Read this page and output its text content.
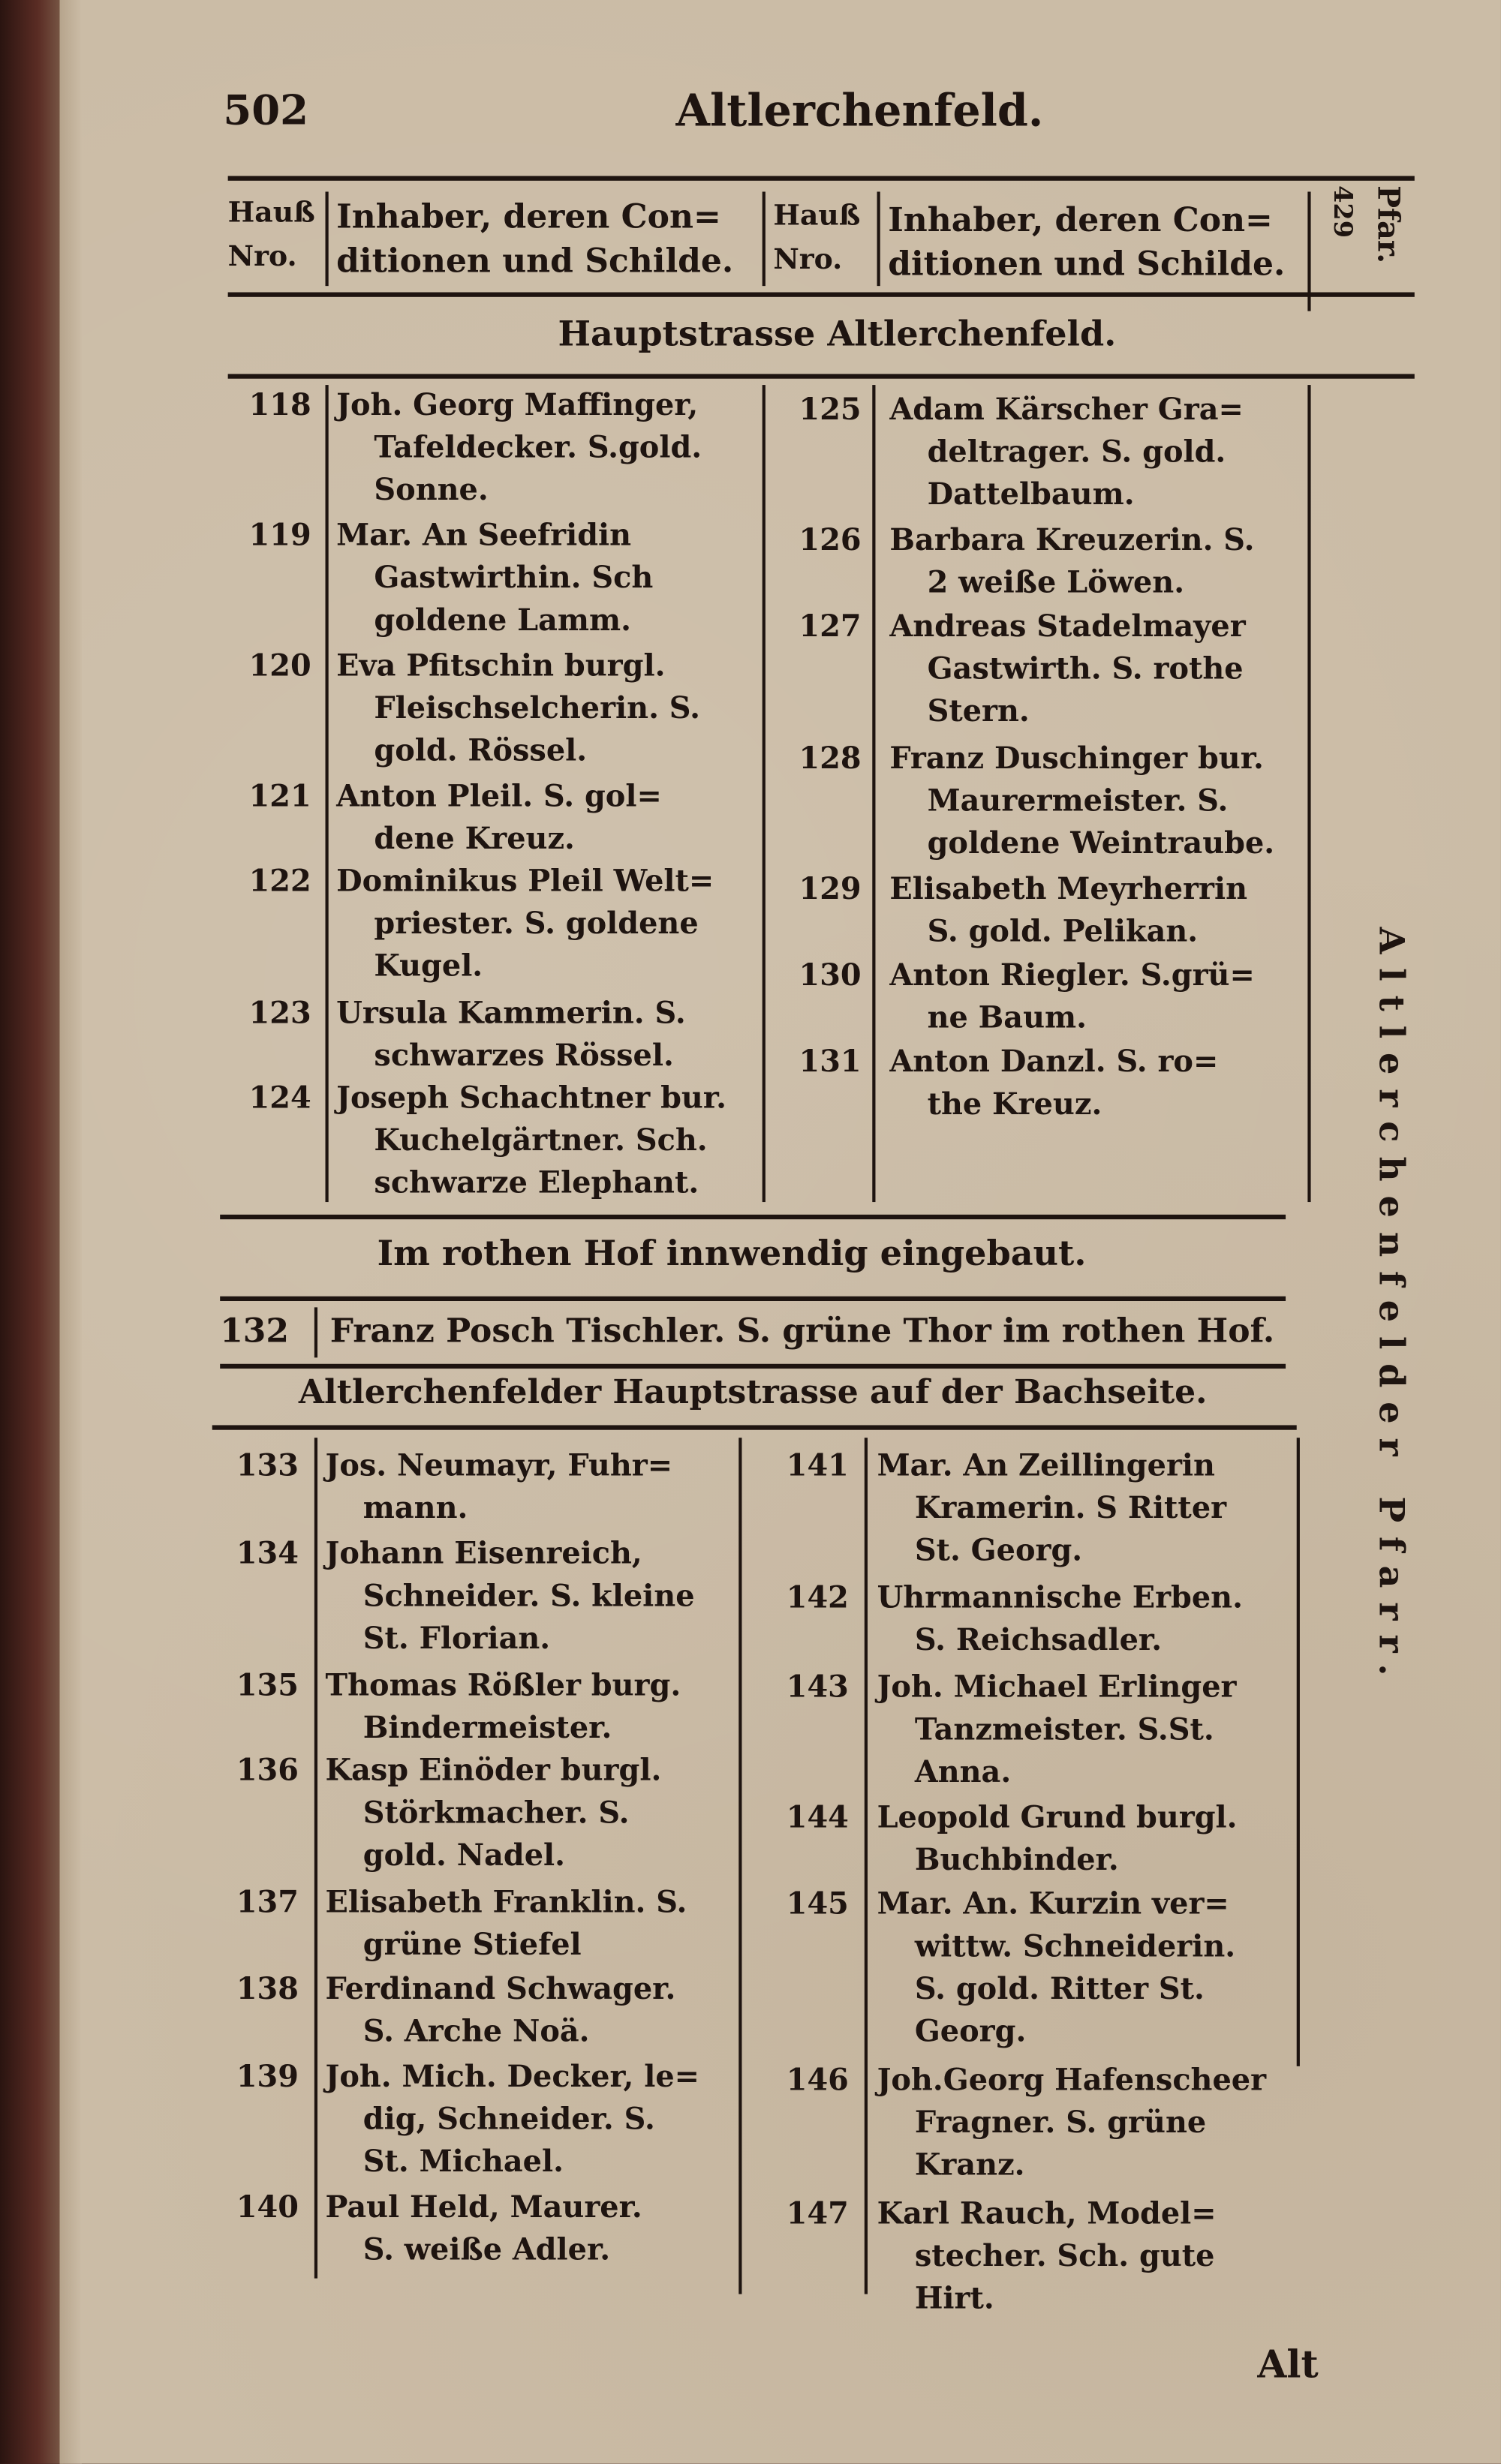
502	Altlerchenfeld.
Hauß
Nro.
Inhaber, deren Con=
ditionen und Schilde.
Hauß
Nro.
Inhaber, deren Con=
ditionen und Schilde.
429 Pfar.
Hauptstrasse Altlerchenfeld.
118 Joh. Georg Maffinger,
Tafeldecker. S.gold.
Sonne.
119 Mar. An Seefridin
Gastwirthin. Sch
goldene Lamm.
120 Eva Pfitschin burgl.
Fleischselcherin. S.
gold. Rössel.
121 Anton Pleil. S. gol=
dene Kreuz.
122 Dominikus Pleil Welt=
priester. S. goldene
Kugel.
123 Ursula Kammerin. S.
schwarzes Rössel.
124 Joseph Schachtner bur.
Kuchelgärtner. Sch.
schwarze Elephant.
125 Adam Kärscher Gra=
deltrager. S. gold.
Dattelbaum.
126 Barbara Kreuzerin. S.
2 weiße Löwen.
127 Andreas Stadelmayer
Gastwirth. S. rothe
Stern.
128 Franz Duschinger bur.
Maurermeister. S.
goldene Weintraube.
129 Elisabeth Meyrherrin
S. gold. Pelikan.
130 Anton Riegler. S.grü=
ne Baum.
131 Anton Danzl. S. ro=
the Kreuz.
Im rothen Hof innwendig eingebaut.
132	Franz Posch Tischler. S. grüne Thor im rothen Hof.
Altlerchenfelder Hauptstrasse auf der Bachseite.
133 Jos. Neumayr, Fuhr=
mann.
134 Johann Eisenreich,
Schneider. S. kleine
St. Florian.
135 Thomas Rößler burg.
Bindermeister.
136 Kasp Einöder burgl.
Störkmacher. S.
gold. Nadel.
137 Elisabeth Franklin. S.
grüne Stiefel
138 Ferdinand Schwager.
S. Arche Noä.
139 Joh. Mich. Decker, le=
dig, Schneider. S.
St. Michael.
140 Paul Held, Maurer.
S. weiße Adler.
141 Mar. An Zeillingerin
Kramerin. S Ritter
St. Georg.
142 Uhrmannische Erben.
S. Reichsadler.
143 Joh. Michael Erlinger
Tanzmeister. S.St.
Anna.
144 Leopold Grund burgl.
Buchbinder.
145 Mar. An. Kurzin ver=
wittw. Schneiderin.
S. gold. Ritter St.
Georg.
146 Joh.Georg Hafenscheer
Fragner. S. grüne
Kranz.
147 Karl Rauch, Model=
stecher. Sch. gute
Hirt.
Altlerchenfelder Pfarr.
Alt
